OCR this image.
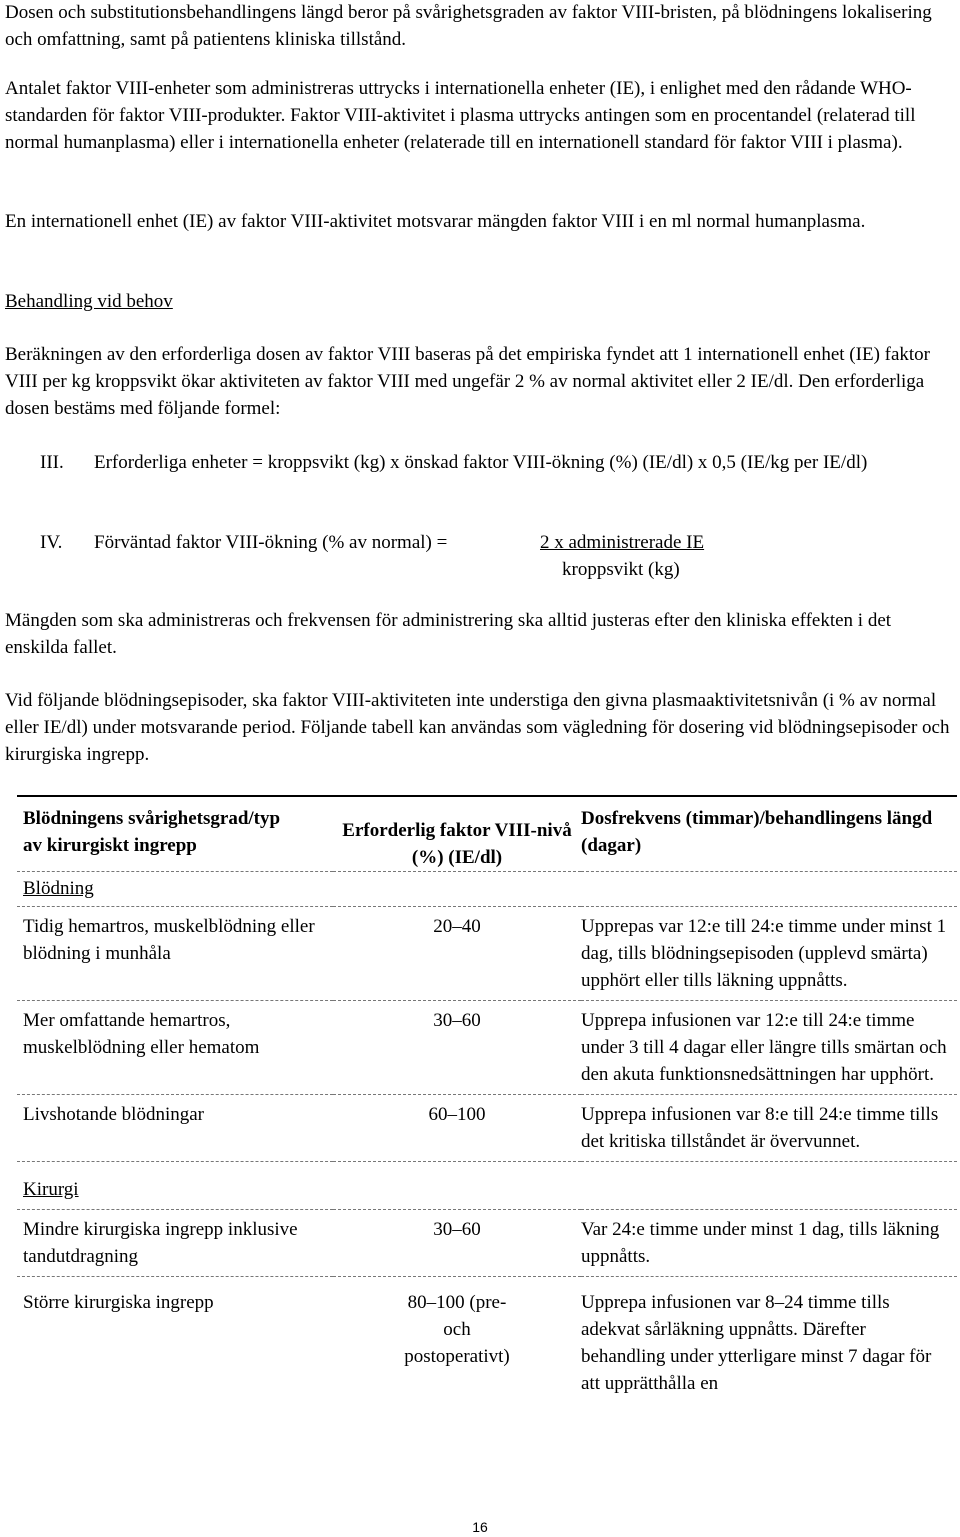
Dosen och substitutionsbehandlingens längd beror på svårighetsgraden av faktor VIII-bristen, på blödningens lokalisering och omfattning, samt på patientens kliniska tillstånd.

Antalet faktor VIII-enheter som administreras uttrycks i internationella enheter (IE), i enlighet med den rådande WHO-standarden för faktor VIII-produkter. Faktor VIII-aktivitet i plasma uttrycks antingen som en procentandel (relaterad till normal humanplasma) eller i internationella enheter (relaterade till en internationell standard för faktor VIII i plasma).

En internationell enhet (IE) av faktor VIII-aktivitet motsvarar mängden faktor VIII i en ml normal humanplasma.

Behandling vid behov

Beräkningen av den erforderliga dosen av faktor VIII baseras på det empiriska fyndet att 1 internationell enhet (IE) faktor VIII per kg kroppsvikt ökar aktiviteten av faktor VIII med ungefär 2 % av normal aktivitet eller 2 IE/dl. Den erforderliga dosen bestäms med följande formel:

III. Erforderliga enheter = kroppsvikt (kg) x önskad faktor VIII-ökning (%) (IE/dl) x 0,5 (IE/kg per IE/dl)
IV. Förväntad faktor VIII-ökning (% av normal) =	2 x administrerade IE
kroppsvikt (kg)

Mängden som ska administreras och frekvensen för administrering ska alltid justeras efter den kliniska effekten i det enskilda fallet.

Vid följande blödningsepisoder, ska faktor VIII-aktiviteten inte understiga den givna plasmaaktivitetsnivån (i % av normal eller IE/dl) under motsvarande period. Följande tabell kan användas som vägledning för dosering vid blödningsepisoder och kirurgiska ingrepp.

Blödningens svårighetsgrad/typ av kirurgiskt ingrepp	Erforderlig faktor VIII-nivå (%) (IE/dl)	Dosfrekvens (timmar)/behandlingens längd (dagar)
Blödning		
Tidig hemartros, muskelblödning eller blödning i munhåla	20–40	Upprepas var 12:e till 24:e timme under minst 1 dag, tills blödningsepisoden (upplevd smärta) upphört eller tills läkning uppnåtts.
Mer omfattande hemartros, muskelblödning eller hematom	30–60	Upprepa infusionen var 12:e till 24:e timme under 3 till 4 dagar eller längre tills smärtan och den akuta funktionsnedsättningen har upphört.
Livshotande blödningar	60–100	Upprepa infusionen var 8:e till 24:e timme tills det kritiska tillståndet är övervunnet.
Kirurgi		
Mindre kirurgiska ingrepp inklusive tandutdragning	30–60	Var 24:e timme under minst 1 dag, tills läkning uppnåtts.
Större kirurgiska ingrepp	80–100 (pre- och postoperativt)	Upprepa infusionen var 8–24 timme tills adekvat sårläkning uppnåtts. Därefter behandling under ytterligare minst 7 dagar för att upprätthålla en
16
